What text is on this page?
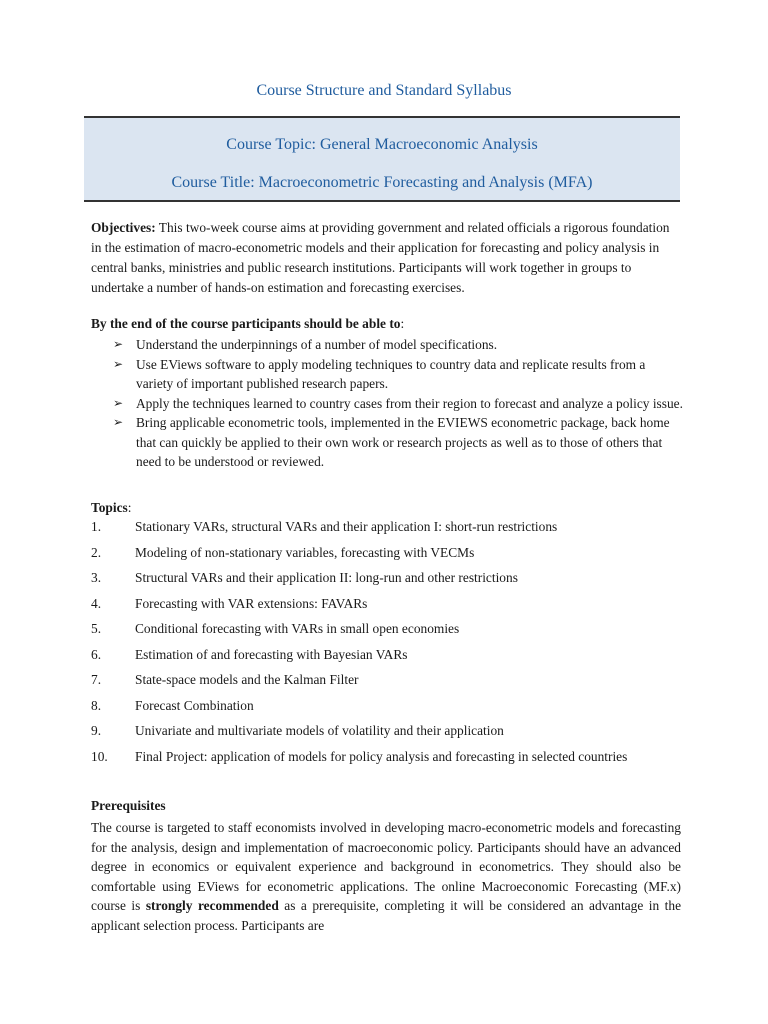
Course Structure and Standard Syllabus
Course Topic: General Macroeconomic Analysis
Course Title: Macroeconometric Forecasting and Analysis (MFA)
Objectives: This two-week course aims at providing government and related officials a rigorous foundation in the estimation of macro-econometric models and their application for forecasting and policy analysis in central banks, ministries and public research institutions. Participants will work together in groups to undertake a number of hands-on estimation and forecasting exercises.
By the end of the course participants should be able to:
➢ Understand the underpinnings of a number of model specifications.
➢ Use EViews software to apply modeling techniques to country data and replicate results from a variety of important published research papers.
➢ Apply the techniques learned to country cases from their region to forecast and analyze a policy issue.
➢ Bring applicable econometric tools, implemented in the EVIEWS econometric package, back home that can quickly be applied to their own work or research projects as well as to those of others that need to be understood or reviewed.
Topics:
1.	Stationary VARs, structural VARs and their application I: short-run restrictions
2.	Modeling of non-stationary variables, forecasting with VECMs
3.	Structural VARs and their application II: long-run and other restrictions
4.	Forecasting with VAR extensions: FAVARs
5.	Conditional forecasting with VARs in small open economies
6.	Estimation of and forecasting with Bayesian VARs
7.	State-space models and the Kalman Filter
8.	Forecast Combination
9.	Univariate and multivariate models of volatility and their application
10. Final Project: application of models for policy analysis and forecasting in selected countries
Prerequisites
The course is targeted to staff economists involved in developing macro-econometric models and forecasting for the analysis, design and implementation of macroeconomic policy. Participants should have an advanced degree in economics or equivalent experience and background in econometrics. They should also be comfortable using EViews for econometric applications. The online Macroeconomic Forecasting (MF.x) course is strongly recommended as a prerequisite, completing it will be considered an advantage in the applicant selection process. Participants are
